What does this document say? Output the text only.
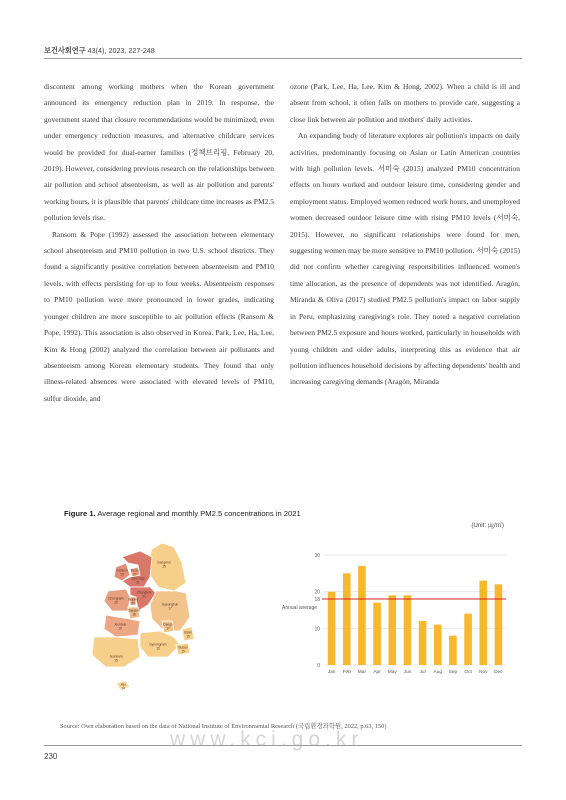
보건사회연구 43(4), 2023, 227-248

discontent among working mothers when the Korean government announced its emergency reduction plan in 2019. In response, the government stated that closure recommendations would be minimized, even under emergency reduction measures, and alternative childcare services would be provided for dual-earner families (정책브리핑, February 20, 2019). However, considering previous research on the relationships between air pollution and school absenteeism, as well as air pollution and parents' working hours, it is plausible that parents' childcare time increases as PM2.5 pollution levels rise.

Ransom & Pope (1992) assessed the association between elementary school absenteeism and PM10 pollution in two U.S. school districts. They found a significantly positive correlation between absenteeism and PM10 levels, with effects persisting for up to four weeks. Absenteeism responses to PM10 pollution were more pronounced in lower grades, indicating younger children are more susceptible to air pollution effects (Ransom & Pope, 1992). This association is also observed in Korea. Park, Lee, Ha, Lee, Kim & Hong (2002) analyzed the correlation between air pollutants and absenteeism among Korean elementary students. They found that only illness-related absences were associated with elevated levels of PM10, sulfur dioxide, and

ozone (Park, Lee, Ha, Lee, Kim & Hong, 2002). When a child is ill and absent from school, it often falls on mothers to provide care, suggesting a close link between air pollution and mothers' daily activities.

An expanding body of literature explores air pollution's impacts on daily activities, predominantly focusing on Asian or Latin American countries with high pollution levels. 서미숙 (2015) analyzed PM10 concentration effects on hours worked and outdoor leisure time, considering gender and employment status. Employed women reduced work hours, and unemployed women decreased outdoor leisure time with rising PM10 levels (서미숙, 2015). However, no significant relationships were found for men, suggesting women may be more sensitive to PM10 pollution. 서미숙 (2015) did not confirm whether caregiving responsibilities influenced women's time allocation, as the presence of dependents was not identified. Aragón, Miranda & Oliva (2017) studied PM2.5 pollution's impact on labor supply in Peru, emphasizing caregiving's role. They noted a negative correlation between PM2.5 exposure and hours worked, particularly in households with young children and older adults, interpreting this as evidence that air pollution influences household decisions by affecting dependents' health and increasing caregiving demands (Aragón, Miranda

Figure 1. Average regional and monthly PM2.5 concentrations in 2021
(Unit: ㎍/㎥)
Gangwon
15
Seoul
20
Incheon
20
Gyeonggi
21
Chungbuk
21
Chungnam
20
Sejong
20
Daejeon
18
Gyeongbuk
17
Jeonbuk
19
Daegu
17
Ulsan
15
Gyeongnam
15	Busan
15
Jeonnam
15
Jeju
14
0
10
20
30
Jan Feb Mar Apr May Jun Jul Aug Sep Oct Nov Dec
18
Annual average
Source: Own elaboration based on the data of National Institute of Environmental Research (국립환경과학원, 2022, p.63, 150)
www.kci.go.kr
230
